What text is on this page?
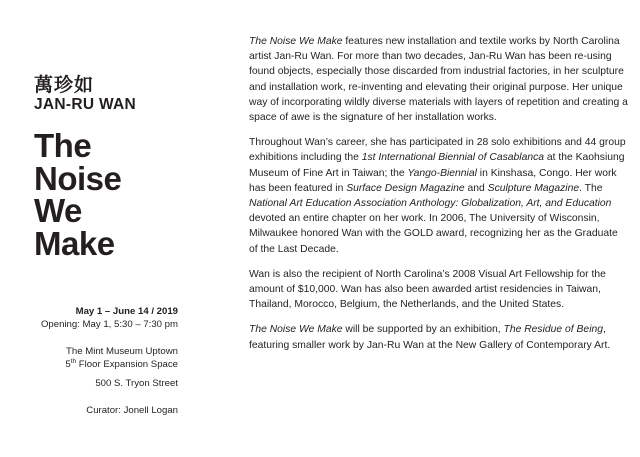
萬珍如
JAN-RU WAN
The
Noise
We
Make
May 1 – June 14 / 2019
Opening: May 1, 5:30 – 7:30 pm
The Mint Museum Uptown
5th Floor Expansion Space
500 S. Tryon Street
Curator: Jonell Logan

The Noise We Make features new installation and textile works by North Carolina artist Jan-Ru Wan. For more than two decades, Jan-Ru Wan has been re-using found objects, especially those discarded from industrial factories, in her sculpture and installation work, re-inventing and elevating their original purpose. Her unique way of incorporating wildly diverse materials with layers of repetition and creating a space of awe is the signature of her installation works.

Throughout Wan’s career, she has participated in 28 solo exhibitions and 44 group exhibitions including the 1st International Biennial of Casablanca at the Kaohsiung Museum of Fine Art in Taiwan; the Yango-Biennial in Kinshasa, Congo. Her work has been featured in Surface Design Magazine and Sculpture Magazine. The National Art Education Association Anthology: Globalization, Art, and Education devoted an entire chapter on her work. In 2006, The University of Wisconsin, Milwaukee honored Wan with the GOLD award, recognizing her as the Graduate of the Last Decade.

Wan is also the recipient of North Carolina’s 2008 Visual Art Fellowship for the amount of $10,000. Wan has also been awarded artist residencies in Taiwan, Thailand, Morocco, Belgium, the Netherlands, and the United States.

The Noise We Make will be supported by an exhibition, The Residue of Being, featuring smaller work by Jan-Ru Wan at the New Gallery of Contemporary Art.
